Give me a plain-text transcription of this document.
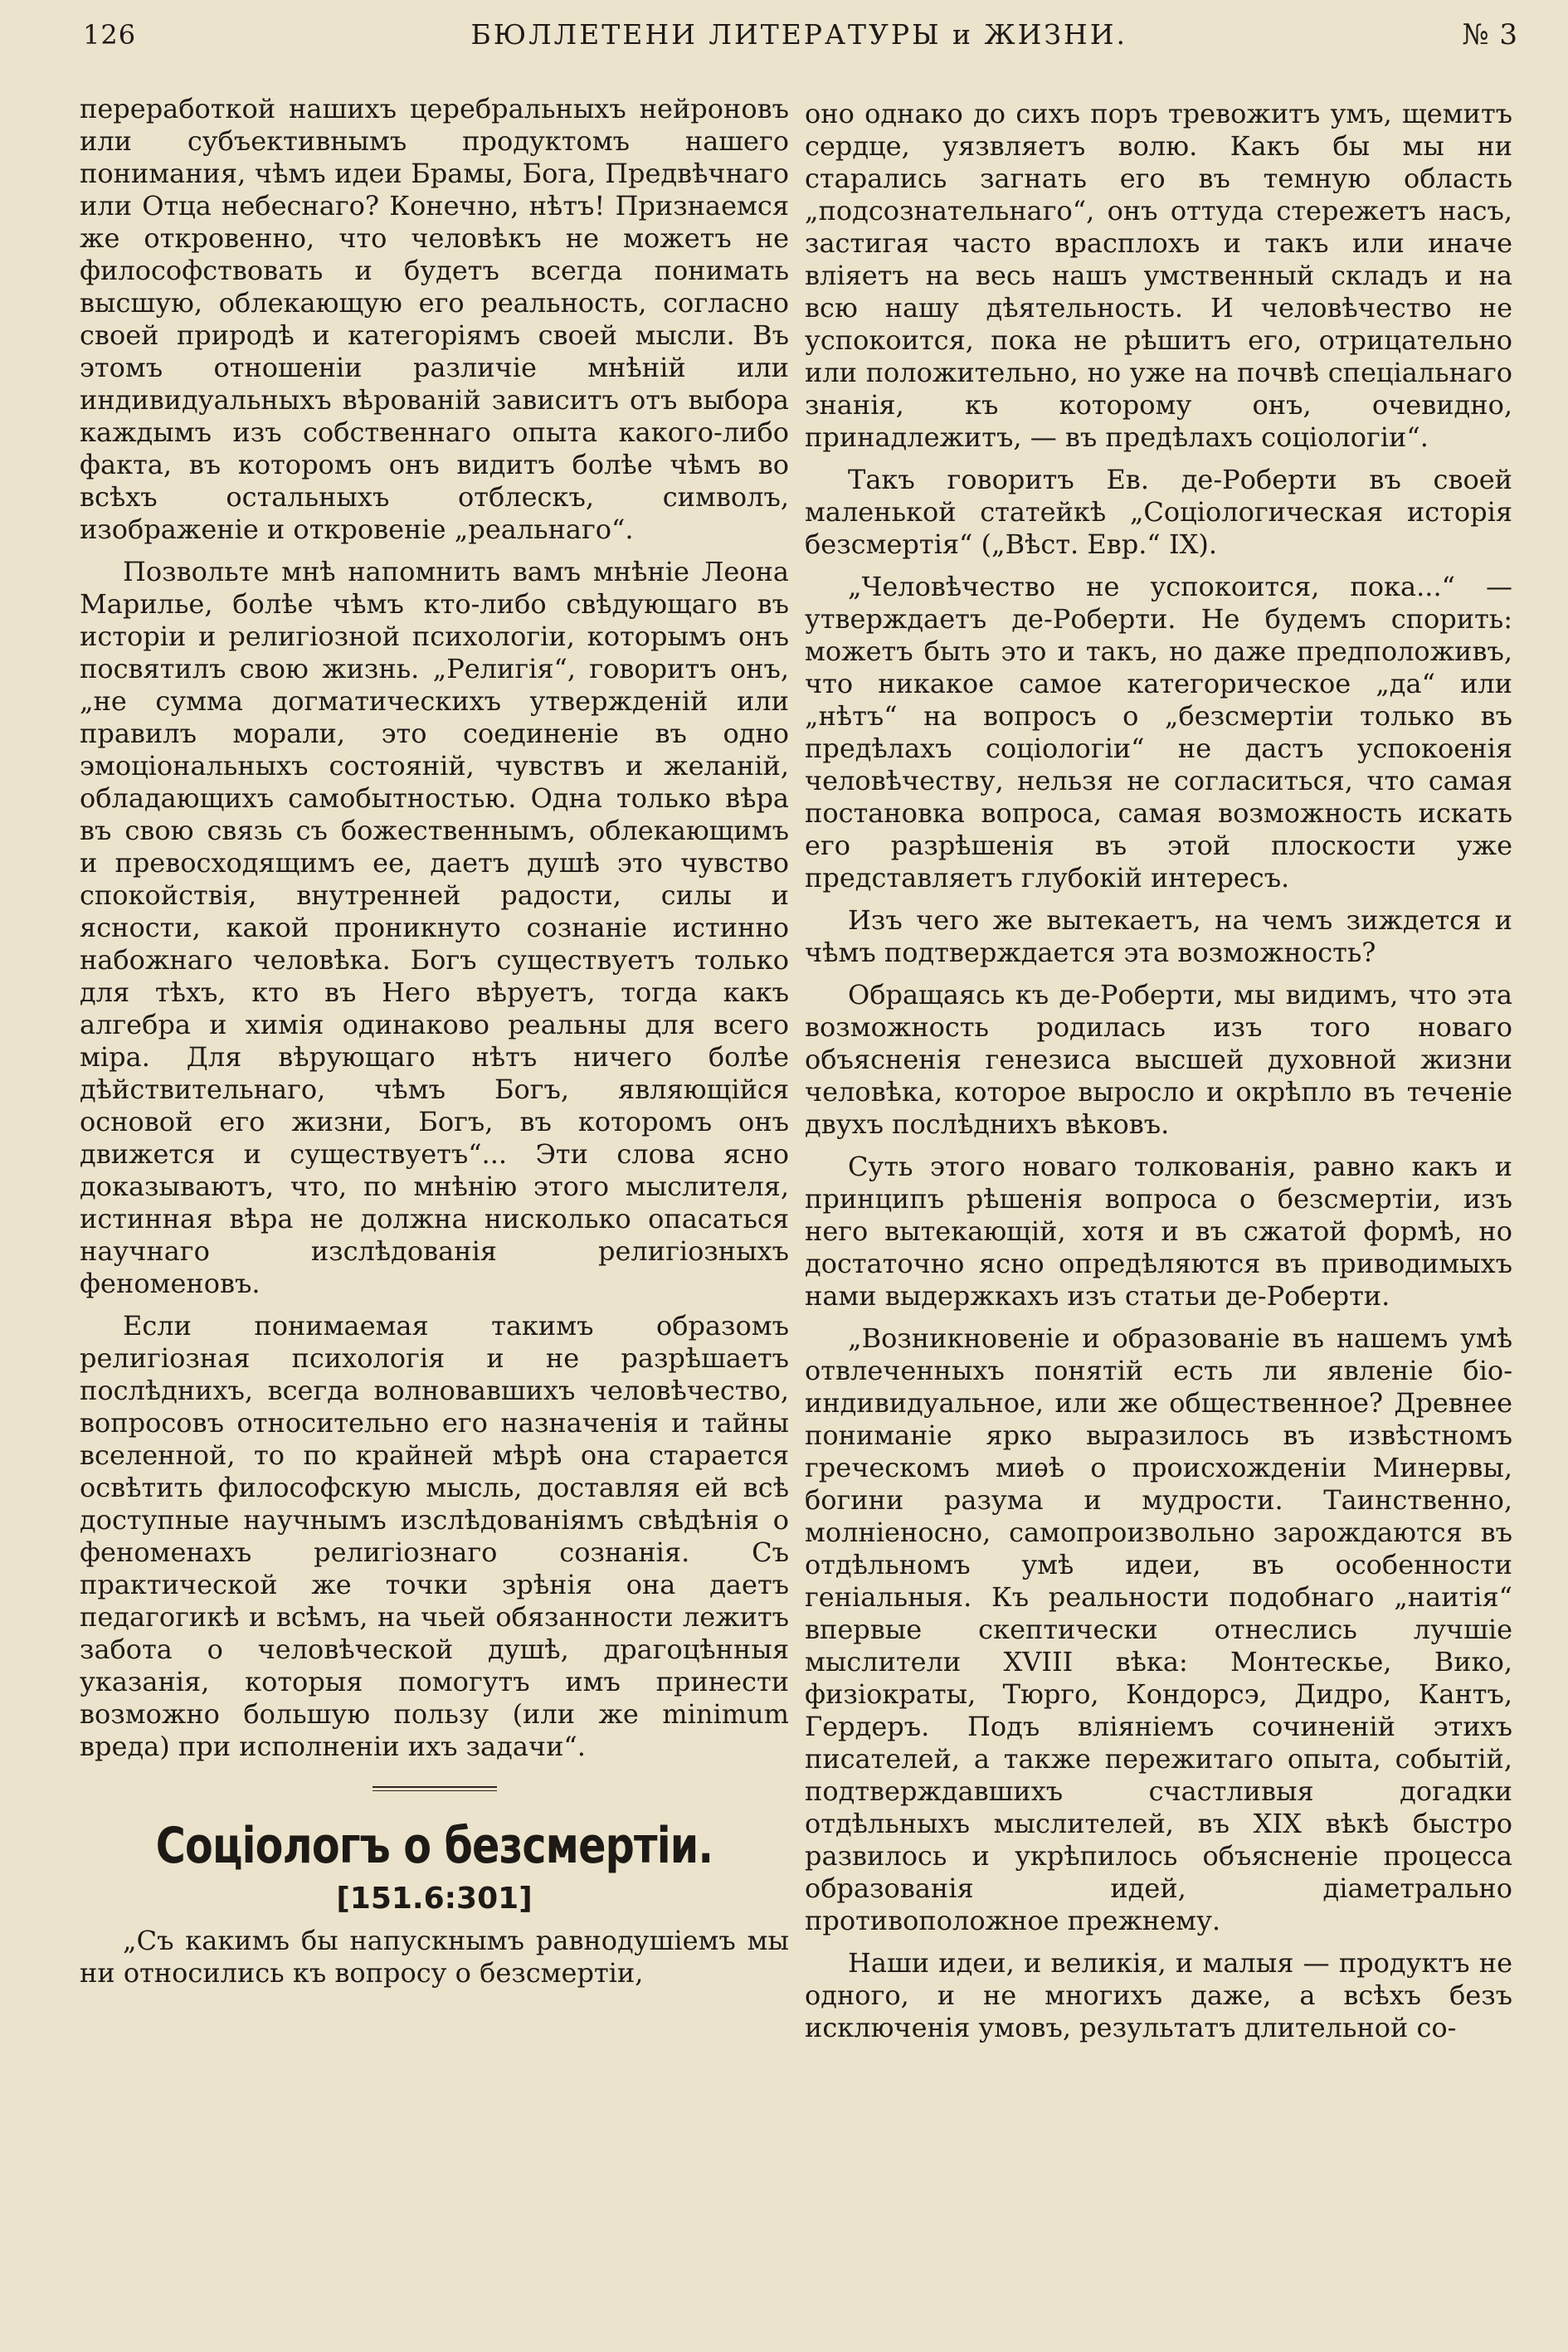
126	БЮЛЛЕТЕНИ ЛИТЕРАТУРЫ и ЖИЗНИ.	№ 3

переработкой нашихъ церебральныхъ нейроновъ или субъективнымъ продуктомъ нашего понимания, чѣмъ идеи Брамы, Бога, Предвѣчнаго или Отца небеснаго? Конечно, нѣтъ! Признаемся же откровенно, что человѣкъ не можетъ не философствовать и будетъ всегда понимать высшую, облекающую его реальность, согласно своей природѣ и категоріямъ своей мысли. Въ этомъ отношеніи различіе мнѣній или индивидуальныхъ вѣрованій зависитъ отъ выбора каждымъ изъ собственнаго опыта какого-либо факта, въ которомъ онъ видитъ болѣе чѣмъ во всѣхъ остальныхъ отблескъ, символъ, изображеніе и откровеніе „реальнаго“.

Позвольте мнѣ напомнить вамъ мнѣніе Леона Марилье, болѣе чѣмъ кто-либо свѣдующаго въ исторіи и религіозной психологіи, которымъ онъ посвятилъ свою жизнь. „Религія“, говоритъ онъ, „не сумма догматическихъ утвержденій или правилъ морали, это соединеніе въ одно эмоціональныхъ состояній, чувствъ и желаній, обладающихъ самобытностью. Одна только вѣра въ свою связь съ божественнымъ, облекающимъ и превосходящимъ ее, даетъ душѣ это чувство спокойствія, внутренней радости, силы и ясности, какой проникнуто сознаніе истинно набожнаго человѣка. Богъ существуетъ только для тѣхъ, кто въ Него вѣруетъ, тогда какъ алгебра и химія одинаково реальны для всего міра. Для вѣрующаго нѣтъ ничего болѣе дѣйствительнаго, чѣмъ Богъ, являющійся основой его жизни, Богъ, въ которомъ онъ движется и существуетъ“... Эти слова ясно доказываютъ, что, по мнѣнію этого мыслителя, истинная вѣра не должна нисколько опасаться научнаго изслѣдованія религіозныхъ феноменовъ.

Если понимаемая такимъ образомъ религіозная психологія и не разрѣшаетъ послѣднихъ, всегда волновавшихъ человѣчество, вопросовъ относительно его назначенія и тайны вселенной, то по крайней мѣрѣ она старается освѣтить философскую мысль, доставляя ей всѣ доступные научнымъ изслѣдованіямъ свѣдѣнія о феноменахъ религіознаго сознанія. Съ практической же точки зрѣнія она даетъ педагогикѣ и всѣмъ, на чьей обязанности лежитъ забота о человѣческой душѣ, драгоцѣнныя указанія, которыя помогутъ имъ принести возможно большую пользу (или же minimum вреда) при исполненіи ихъ задачи“.

Соціологъ о безсмертіи.
[151.6:301]

„Съ какимъ бы напускнымъ равнодушіемъ мы ни относились къ вопросу о безсмертіи,

оно однако до сихъ поръ тревожитъ умъ, щемитъ сердце, уязвляетъ волю. Какъ бы мы ни старались загнать его въ темную область „подсознательнаго“, онъ оттуда стережетъ насъ, застигая часто врасплохъ и такъ или иначе вліяетъ на весь нашъ умственный складъ и на всю нашу дѣятельность. И человѣчество не успокоится, пока не рѣшитъ его, отрицательно или положительно, но уже на почвѣ спеціальнаго знанія, къ которому онъ, очевидно, принадлежитъ, — въ предѣлахъ соціологіи“.

Такъ говоритъ Ев. де-Роберти въ своей маленькой статейкѣ „Соціологическая исторія безсмертія“ („Вѣст. Евр.“ IX).

„Человѣчество не успокоится, пока...“ — утверждаетъ де-Роберти. Не будемъ спорить: можетъ быть это и такъ, но даже предположивъ, что никакое самое категорическое „да“ или „нѣтъ“ на вопросъ о „безсмертіи только въ предѣлахъ соціологіи“ не дастъ успокоенія человѣчеству, нельзя не согласиться, что самая постановка вопроса, самая возможность искать его разрѣшенія въ этой плоскости уже представляетъ глубокій интересъ.

Изъ чего же вытекаетъ, на чемъ зиждется и чѣмъ подтверждается эта возможность?

Обращаясь къ де-Роберти, мы видимъ, что эта возможность родилась изъ того новаго объясненія генезиса высшей духовной жизни человѣка, которое выросло и окрѣпло въ теченіе двухъ послѣднихъ вѣковъ.

Суть этого новаго толкованія, равно какъ и принципъ рѣшенія вопроса о безсмертіи, изъ него вытекающій, хотя и въ сжатой формѣ, но достаточно ясно опредѣляются въ приводимыхъ нами выдержкахъ изъ статьи де-Роберти.

„Возникновеніе и образованіе въ нашемъ умѣ отвлеченныхъ понятій есть ли явленіе біо-индивидуальное, или же общественное? Древнее пониманіе ярко выразилось въ извѣстномъ греческомъ миѳѣ о происхожденіи Минервы, богини разума и мудрости. Таинственно, молніеносно, самопроизвольно зарождаются въ отдѣльномъ умѣ идеи, въ особенности геніальныя. Къ реальности подобнаго „наитія“ впервые скептически отнеслись лучшіе мыслители XVIII вѣка: Монтескье, Вико, физіократы, Тюрго, Кондорсэ, Дидро, Кантъ, Гердеръ. Подъ вліяніемъ сочиненій этихъ писателей, а также пережитаго опыта, событій, подтверждавшихъ счастливыя догадки отдѣльныхъ мыслителей, въ XIX вѣкѣ быстро развилось и укрѣпилось объясненіе процесса образованія идей, діаметрально противоположное прежнему.

Наши идеи, и великія, и малыя — продуктъ не одного, и не многихъ даже, а всѣхъ безъ исключенія умовъ, результатъ длительной со-
